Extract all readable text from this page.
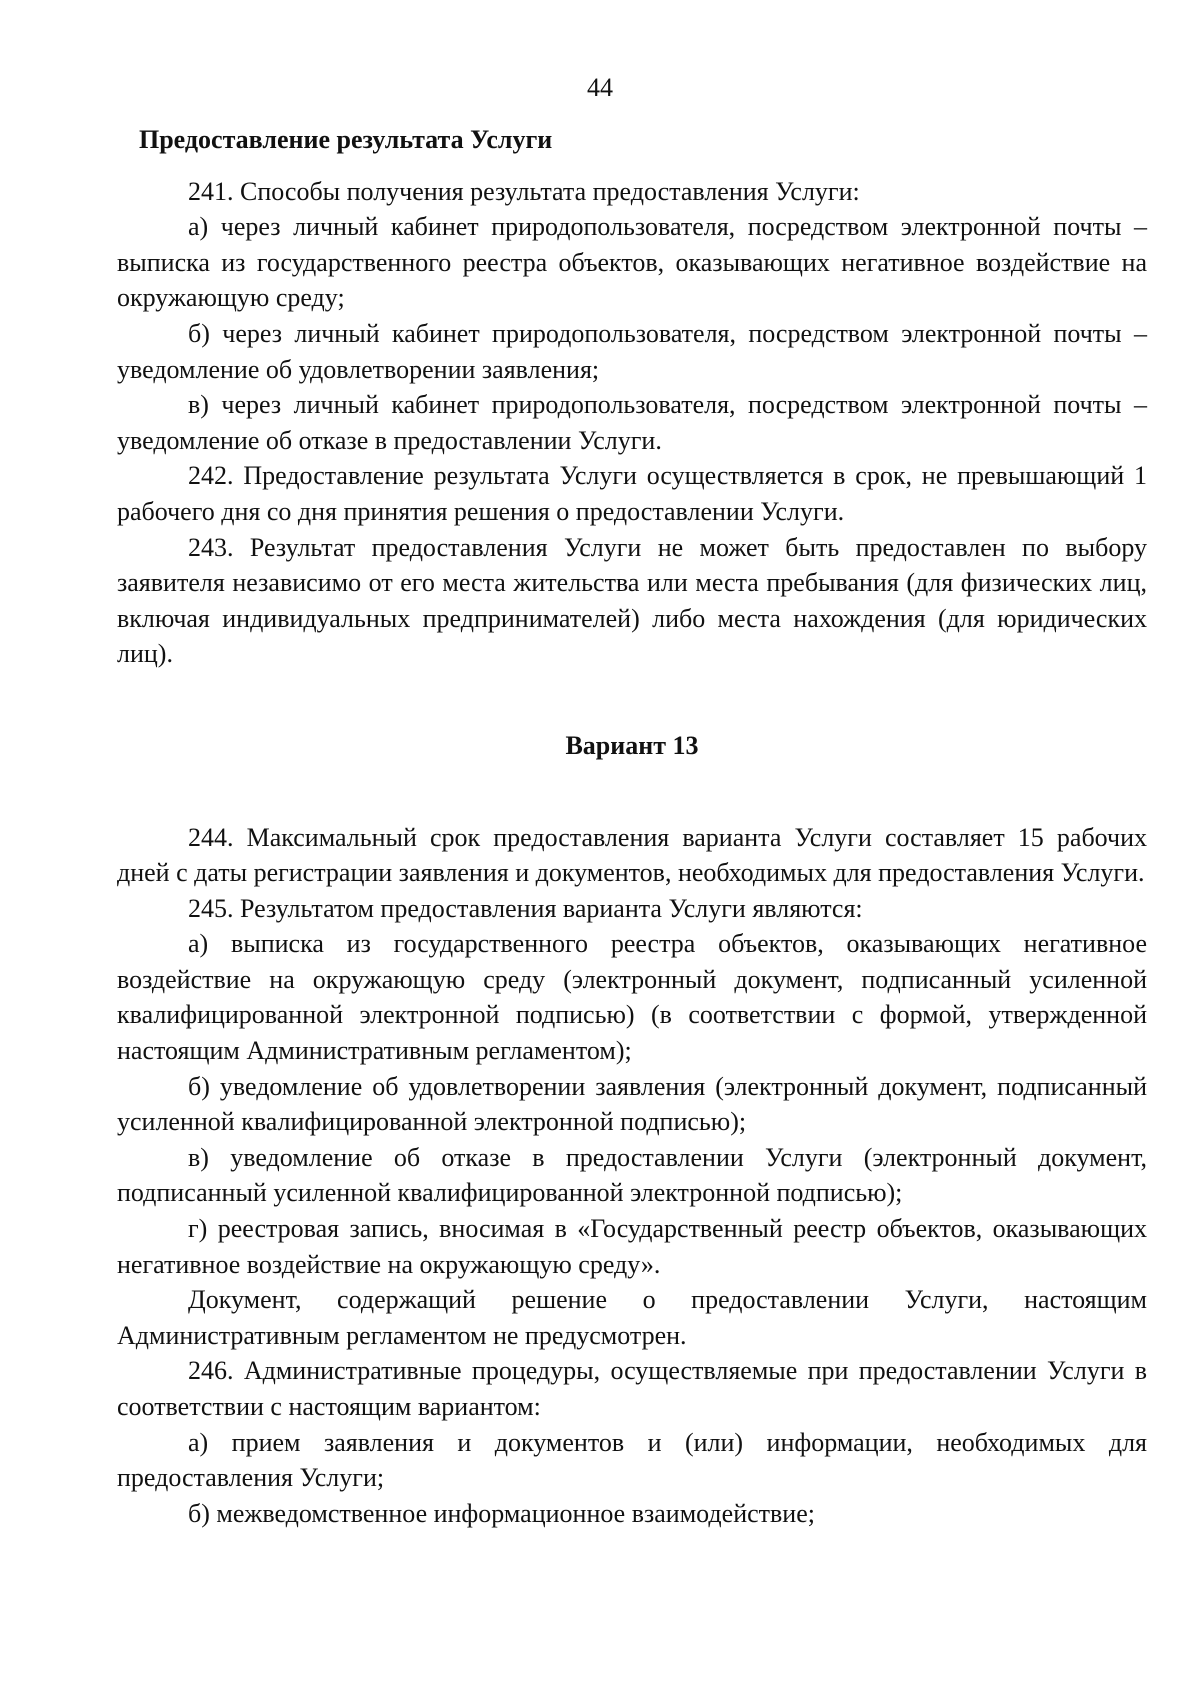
44
Предоставление результата Услуги

241. Способы получения результата предоставления Услуги:

а) через личный кабинет природопользователя, посредством электронной почты – выписка из государственного реестра объектов, оказывающих негативное воздействие на окружающую среду;

б) через личный кабинет природопользователя, посредством электронной почты – уведомление об удовлетворении заявления;

в) через личный кабинет природопользователя, посредством электронной почты – уведомление об отказе в предоставлении Услуги.

242. Предоставление результата Услуги осуществляется в срок, не превышающий 1 рабочего дня со дня принятия решения о предоставлении Услуги.

243. Результат предоставления Услуги не может быть предоставлен по выбору заявителя независимо от его места жительства или места пребывания (для физических лиц, включая индивидуальных предпринимателей) либо места нахождения (для юридических лиц).

Вариант 13

244. Максимальный срок предоставления варианта Услуги составляет 15 рабочих дней с даты регистрации заявления и документов, необходимых для предоставления Услуги.

245. Результатом предоставления варианта Услуги являются:

а) выписка из государственного реестра объектов, оказывающих негативное воздействие на окружающую среду (электронный документ, подписанный усиленной квалифицированной электронной подписью) (в соответствии с формой, утвержденной настоящим Административным регламентом);

б) уведомление об удовлетворении заявления (электронный документ, подписанный усиленной квалифицированной электронной подписью);

в) уведомление об отказе в предоставлении Услуги (электронный документ, подписанный усиленной квалифицированной электронной подписью);

г) реестровая запись, вносимая в «Государственный реестр объектов, оказывающих негативное воздействие на окружающую среду».

Документ, содержащий решение о предоставлении Услуги, настоящим Административным регламентом не предусмотрен.

246. Административные процедуры, осуществляемые при предоставлении Услуги в соответствии с настоящим вариантом:

а) прием заявления и документов и (или) информации, необходимых для предоставления Услуги;

б) межведомственное информационное взаимодействие;
